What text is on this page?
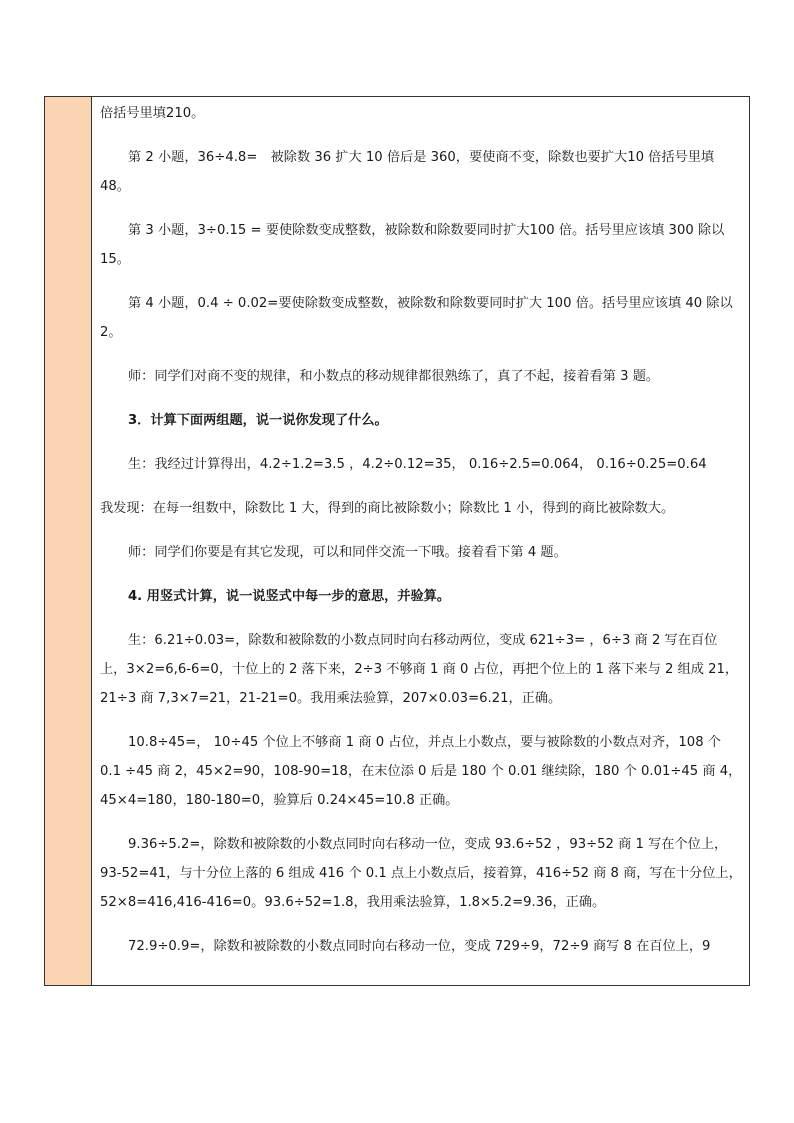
倍括号里填210。

第 2 小题，36÷4.8=　被除数 36 扩大 10 倍后是 360，要使商不变，除数也要扩大10 倍括号里填 48。

第 3 小题，3÷0.15 = 要使除数变成整数，被除数和除数要同时扩大100 倍。括号里应该填 300 除以 15。

第 4 小题，0.4 ÷ 0.02=要使除数变成整数，被除数和除数要同时扩大 100 倍。括号里应该填 40 除以 2。

师：同学们对商不变的规律，和小数点的移动规律都很熟练了，真了不起，接着看第 3 题。

3．计算下面两组题，说一说你发现了什么。

生：我经过计算得出，4.2÷1.2=3.5 ，4.2÷0.12=35， 0.16÷2.5=0.064， 0.16÷0.25=0.64

我发现：在每一组数中，除数比 1 大，得到的商比被除数小；除数比 1 小，得到的商比被除数大。

师：同学们你要是有其它发现，可以和同伴交流一下哦。接着看下第 4 题。

4. 用竖式计算，说一说竖式中每一步的意思，并验算。

生：6.21÷0.03=，除数和被除数的小数点同时向右移动两位，变成 621÷3= ，6÷3 商 2 写在百位上，3×2=6,6-6=0，十位上的 2 落下来，2÷3 不够商 1 商 0 占位，再把个位上的 1 落下来与 2 组成 21，21÷3 商 7,3×7=21，21-21=0。我用乘法验算，207×0.03=6.21，正确。

10.8÷45=， 10÷45 个位上不够商 1 商 0 占位，并点上小数点，要与被除数的小数点对齐，108 个 0.1 ÷45 商 2，45×2=90，108-90=18，在末位添 0 后是 180 个 0.01 继续除，180 个 0.01÷45 商 4，45×4=180，180-180=0，验算后 0.24×45=10.8 正确。

9.36÷5.2=，除数和被除数的小数点同时向右移动一位，变成 93.6÷52 ，93÷52 商 1 写在个位上，93-52=41，与十分位上落的 6 组成 416 个 0.1 点上小数点后，接着算，416÷52 商 8 商，写在十分位上，52×8=416,416-416=0。93.6÷52=1.8，我用乘法验算，1.8×5.2=9.36，正确。

72.9÷0.9=，除数和被除数的小数点同时向右移动一位，变成 729÷9，72÷9 商写 8 在百位上，9
